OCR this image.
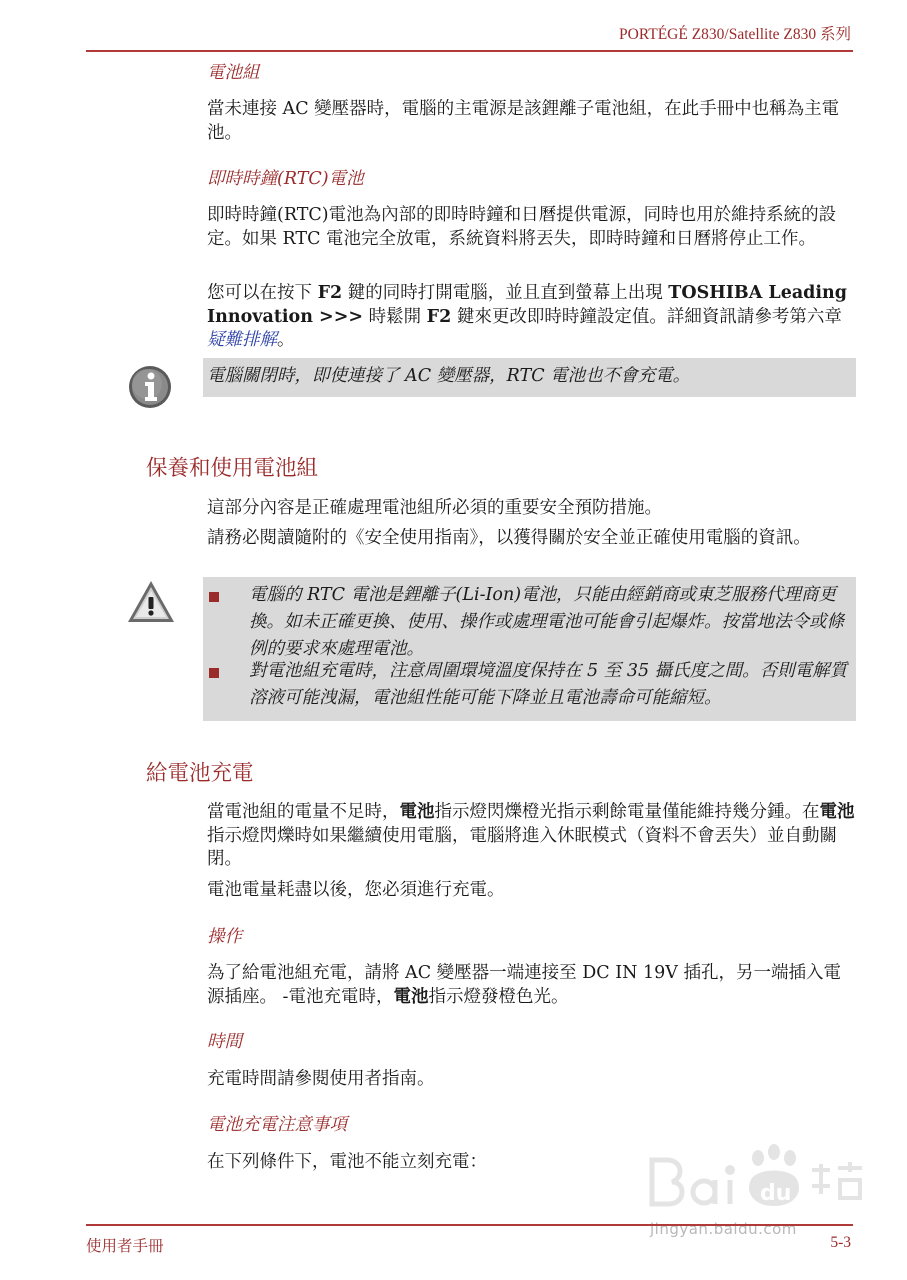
PORTÉGÉ Z830/Satellite Z830 系列
電池組
當未連接 AC 變壓器時，電腦的主電源是該鋰離子電池組，在此手冊中也稱為主電池。
即時時鐘(RTC)電池
即時時鐘(RTC)電池為內部的即時時鐘和日曆提供電源，同時也用於維持系統的設定。如果 RTC 電池完全放電，系統資料將丟失，即時時鐘和日曆將停止工作。
您可以在按下 F2 鍵的同時打開電腦，並且直到螢幕上出現 TOSHIBA Leading Innovation >>> 時鬆開 F2 鍵來更改即時時鐘設定值。詳細資訊請參考第六章 疑難排解。
電腦關閉時，即使連接了 AC 變壓器，RTC 電池也不會充電。
保養和使用電池組
這部分內容是正確處理電池組所必須的重要安全預防措施。
請務必閱讀隨附的《安全使用指南》，以獲得關於安全並正確使用電腦的資訊。
電腦的 RTC 電池是鋰離子(Li-Ion)電池，只能由經銷商或東芝服務代理商更換。如未正確更換、使用、操作或處理電池可能會引起爆炸。按當地法令或條例的要求來處理電池。
對電池組充電時，注意周圍環境溫度保持在 5 至 35 攝氏度之間。否則電解質溶液可能洩漏，電池組性能可能下降並且電池壽命可能縮短。
給電池充電
當電池組的電量不足時，電池指示燈閃爍橙光指示剩餘電量僅能維持幾分鍾。在電池指示燈閃爍時如果繼續使用電腦，電腦將進入休眠模式（資料不會丟失）並自動關閉。
電池電量耗盡以後，您必須進行充電。
操作
為了給電池組充電，請將 AC 變壓器一端連接至 DC IN 19V 插孔，另一端插入電源插座。 -電池充電時，電池指示燈發橙色光。
時間
充電時間請參閱使用者指南。
電池充電注意事項
在下列條件下，電池不能立刻充電：
du
jingyan.baidu.com
使用者手冊	5-3
